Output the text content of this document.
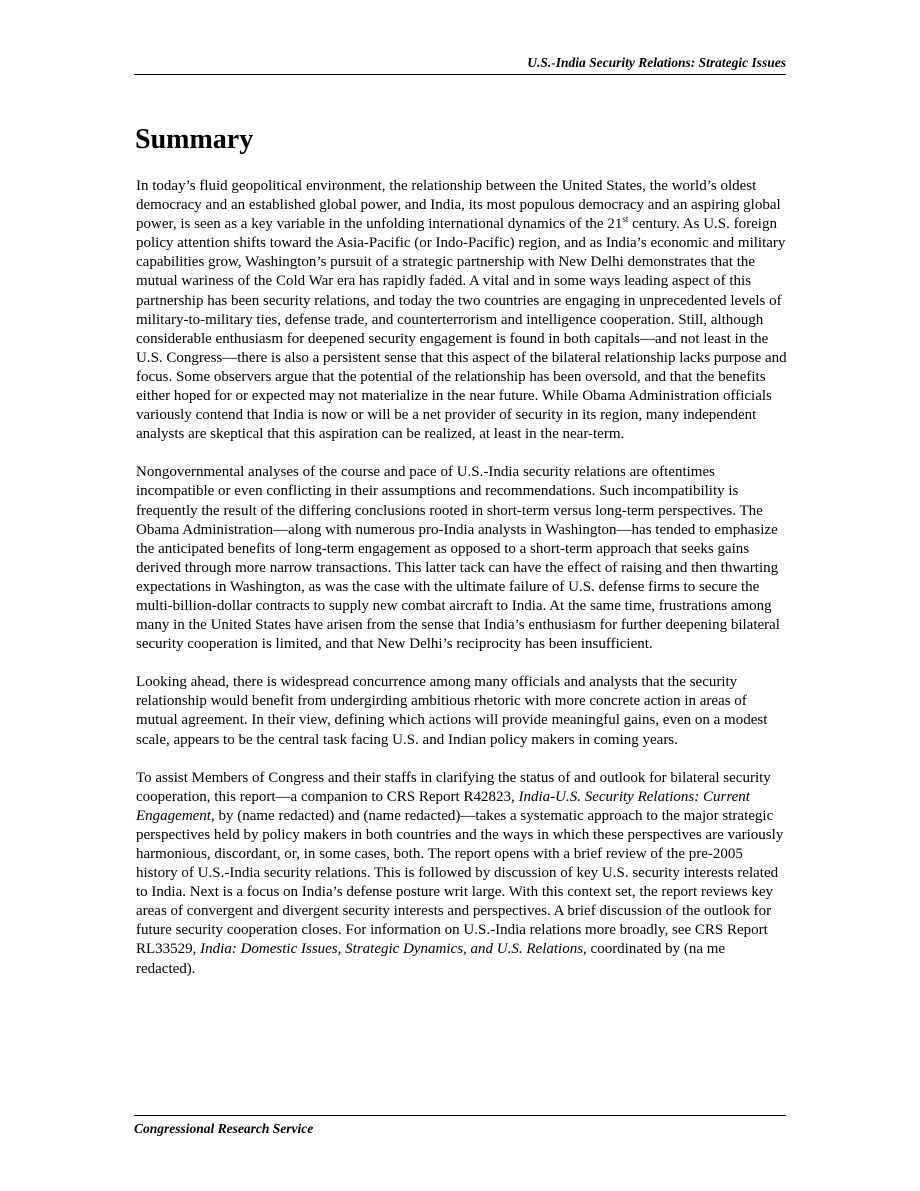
U.S.-India Security Relations: Strategic Issues
Summary

In today’s fluid geopolitical environment, the relationship between the United States, the world’s oldest democracy and an established global power, and India, its most populous democracy and an aspiring global power, is seen as a key variable in the unfolding international dynamics of the 21st century. As U.S. foreign policy attention shifts toward the Asia-Pacific (or Indo-Pacific) region, and as India’s economic and military capabilities grow, Washington’s pursuit of a strategic partnership with New Delhi demonstrates that the mutual wariness of the Cold War era has rapidly faded. A vital and in some ways leading aspect of this partnership has been security relations, and today the two countries are engaging in unprecedented levels of military-to-military ties, defense trade, and counterterrorism and intelligence cooperation. Still, although considerable enthusiasm for deepened security engagement is found in both capitals—and not least in the U.S. Congress—there is also a persistent sense that this aspect of the bilateral relationship lacks purpose and focus. Some observers argue that the potential of the relationship has been oversold, and that the benefits either hoped for or expected may not materialize in the near future. While Obama Administration officials variously contend that India is now or will be a net provider of security in its region, many independent analysts are skeptical that this aspiration can be realized, at least in the near-term.

Nongovernmental analyses of the course and pace of U.S.-India security relations are oftentimes incompatible or even conflicting in their assumptions and recommendations. Such incompatibility is frequently the result of the differing conclusions rooted in short-term versus long-term perspectives. The Obama Administration—along with numerous pro-India analysts in Washington—has tended to emphasize the anticipated benefits of long-term engagement as opposed to a short-term approach that seeks gains derived through more narrow transactions. This latter tack can have the effect of raising and then thwarting expectations in Washington, as was the case with the ultimate failure of U.S. defense firms to secure the multi-billion-dollar contracts to supply new combat aircraft to India. At the same time, frustrations among many in the United States have arisen from the sense that India’s enthusiasm for further deepening bilateral security cooperation is limited, and that New Delhi’s reciprocity has been insufficient.

Looking ahead, there is widespread concurrence among many officials and analysts that the security relationship would benefit from undergirding ambitious rhetoric with more concrete action in areas of mutual agreement. In their view, defining which actions will provide meaningful gains, even on a modest scale, appears to be the central task facing U.S. and Indian policy makers in coming years.

To assist Members of Congress and their staffs in clarifying the status of and outlook for bilateral security cooperation, this report—a companion to CRS Report R42823, India-U.S. Security Relations: Current Engagement, by (name redacted) and (name redacted)—takes a systematic approach to the major strategic perspectives held by policy makers in both countries and the ways in which these perspectives are variously harmonious, discordant, or, in some cases, both. The report opens with a brief review of the pre-2005 history of U.S.-India security relations. This is followed by discussion of key U.S. security interests related to India. Next is a focus on India’s defense posture writ large. With this context set, the report reviews key areas of convergent and divergent security interests and perspectives. A brief discussion of the outlook for future security cooperation closes. For information on U.S.-India relations more broadly, see CRS Report RL33529, India: Domestic Issues, Strategic Dynamics, and U.S. Relations, coordinated by (na me redacted).

Congressional Research Service
